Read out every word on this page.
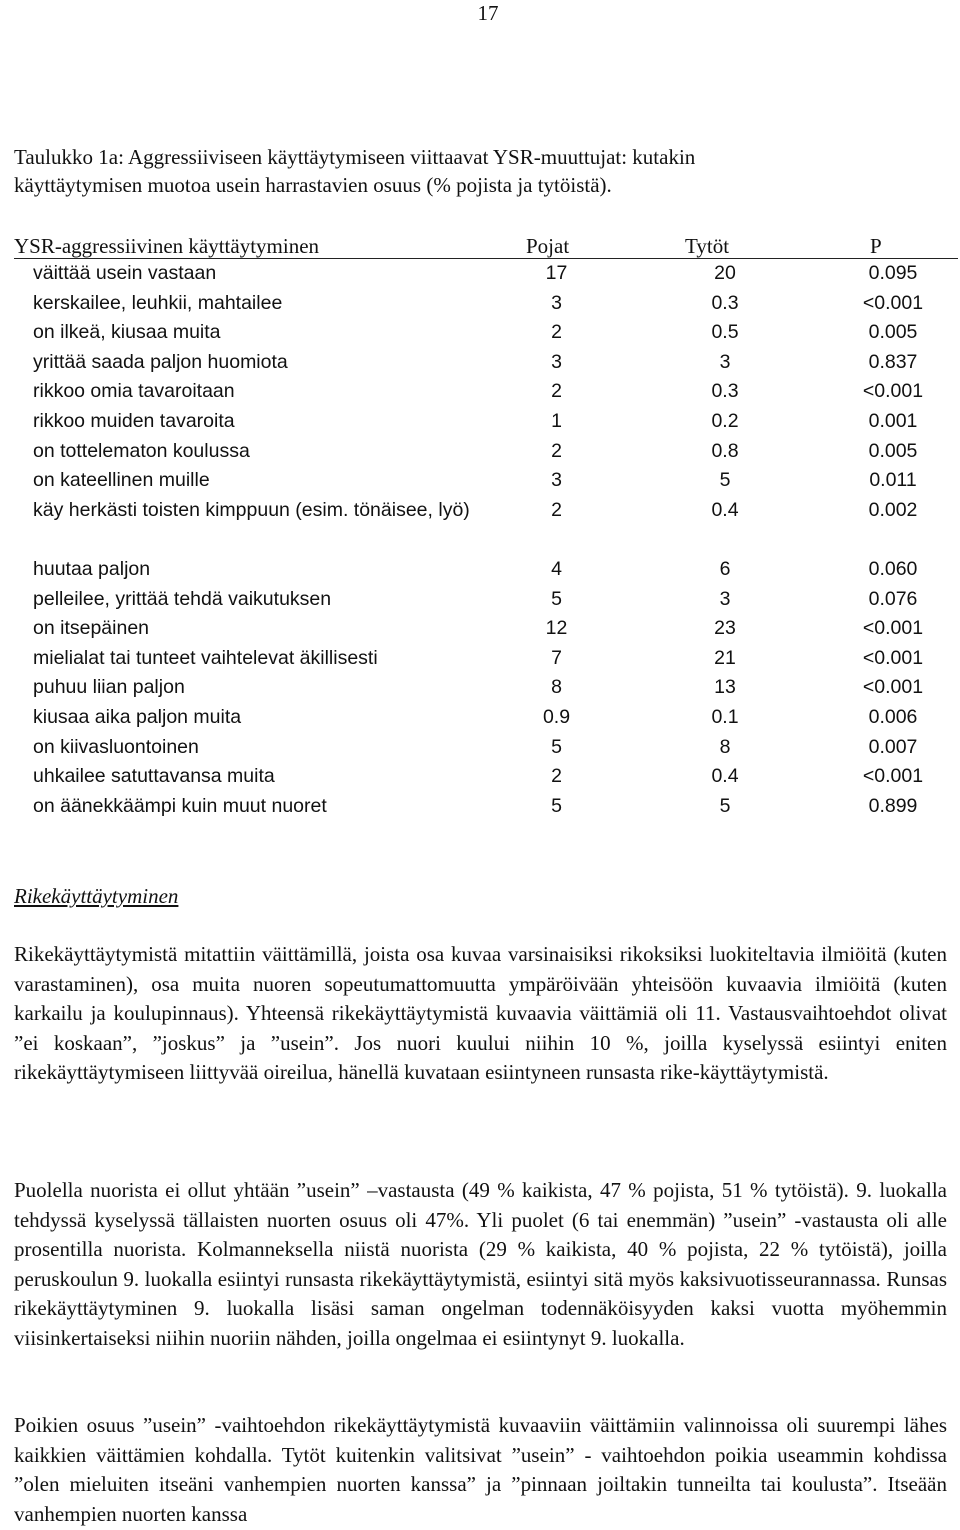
17
Taulukko 1a: Aggressiiviseen käyttäytymiseen viittaavat YSR-muuttujat: kutakin
käyttäytymisen muotoa usein harrastavien osuus (% pojista ja tytöistä).
YSR-aggressiivinen käyttäytyminen	Pojat	Tytöt	P
väittää usein vastaan	17	20	0.095
kerskailee, leuhkii, mahtailee	3	0.3	<0.001
on ilkeä, kiusaa muita	2	0.5	0.005
yrittää saada paljon huomiota	3	3	0.837
rikkoo omia tavaroitaan	2	0.3	<0.001
rikkoo muiden tavaroita	1	0.2	0.001
on tottelematon koulussa	2	0.8	0.005
on kateellinen muille	3	5	0.011
käy herkästi toisten kimppuun (esim. tönäisee, lyö)	2	0.4	0.002
huutaa paljon	4	6	0.060
pelleilee, yrittää tehdä vaikutuksen	5	3	0.076
on itsepäinen	12	23	<0.001
mielialat tai tunteet vaihtelevat äkillisesti	7	21	<0.001
puhuu liian paljon	8	13	<0.001
kiusaa aika paljon muita	0.9	0.1	0.006
on kiivasluontoinen	5	8	0.007
uhkailee satuttavansa muita	2	0.4	<0.001
on äänekkäämpi kuin muut nuoret	5	5	0.899
Rikekäyttäytyminen

Rikekäyttäytymistä mitattiin väittämillä, joista osa kuvaa varsinaisiksi rikoksiksi luokiteltavia ilmiöitä (kuten varastaminen), osa muita nuoren sopeutumattomuutta ympäröivään yhteisöön kuvaavia ilmiöitä (kuten karkailu ja koulupinnaus). Yhteensä rikekäyttäytymistä kuvaavia väittämiä oli 11. Vastausvaihtoehdot olivat ”ei koskaan”, ”joskus” ja ”usein”. Jos nuori kuului niihin 10 %, joilla kyselyssä esiintyi eniten rikekäyttäytymiseen liittyvää oireilua, hänellä kuvataan esiintyneen runsasta rike-käyttäytymistä.

Puolella nuorista ei ollut yhtään ”usein” –vastausta (49 % kaikista, 47 % pojista, 51 % tytöistä). 9. luokalla tehdyssä kyselyssä tällaisten nuorten osuus oli 47%. Yli puolet (6 tai enemmän) ”usein” -vastausta oli alle prosentilla nuorista. Kolmanneksella niistä nuorista (29 % kaikista, 40 % pojista, 22 % tytöistä), joilla peruskoulun 9. luokalla esiintyi runsasta rikekäyttäytymistä, esiintyi sitä myös kaksivuotisseurannassa. Runsas rikekäyttäytyminen 9. luokalla lisäsi saman ongelman todennäköisyyden kaksi vuotta myöhemmin viisinkertaiseksi niihin nuoriin nähden, joilla ongelmaa ei esiintynyt 9. luokalla.

Poikien osuus ”usein” -vaihtoehdon rikekäyttäytymistä kuvaaviin väittämiin valinnoissa oli suurempi lähes kaikkien väittämien kohdalla. Tytöt kuitenkin valitsivat ”usein” - vaihtoehdon poikia useammin kohdissa ”olen mieluiten itseäni vanhempien nuorten kanssa” ja ”pinnaan joiltakin tunneilta tai koulusta”. Itseään vanhempien nuorten kanssa
